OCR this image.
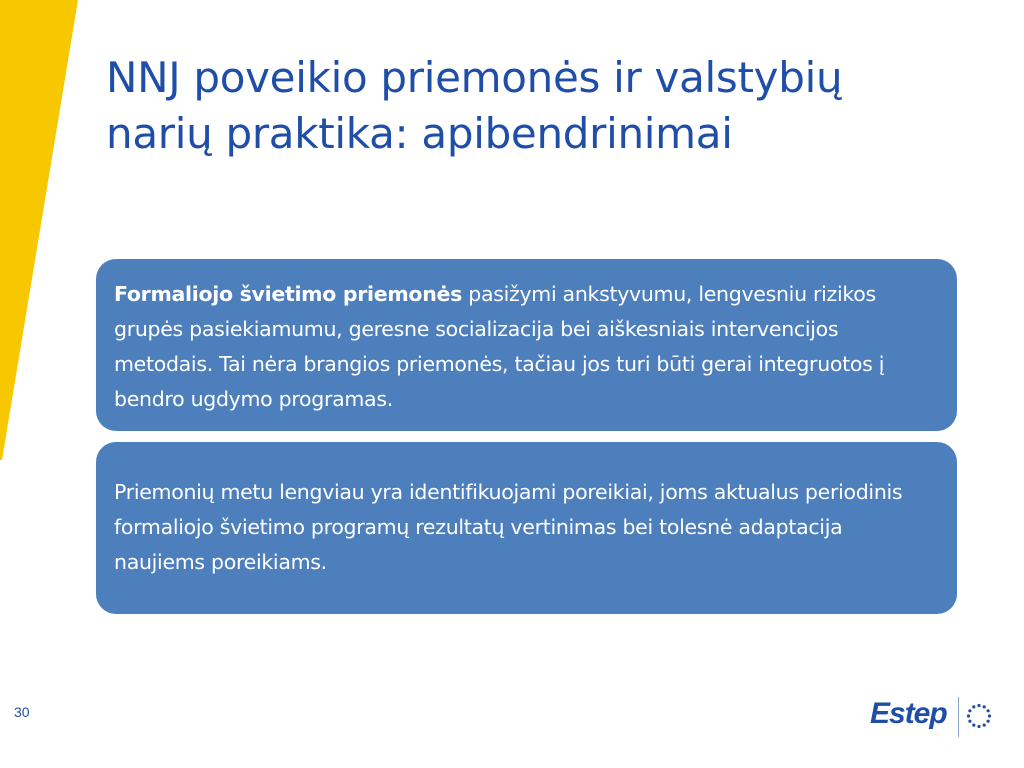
NNJ poveikio priemonės ir valstybių
narių praktika: apibendrinimai
Formaliojo švietimo priemonės pasižymi ankstyvumu, lengvesniu rizikos grupės pasiekiamumu, geresne socializacija bei aiškesniais intervencijos metodais. Tai nėra brangios priemonės, tačiau jos turi būti gerai integruotos į bendro ugdymo programas.
Priemonių metu lengviau yra identifikuojami poreikiai, joms aktualus periodinis formaliojo švietimo programų rezultatų vertinimas bei tolesnė adaptacija naujiems poreikiams.
30	Estep
